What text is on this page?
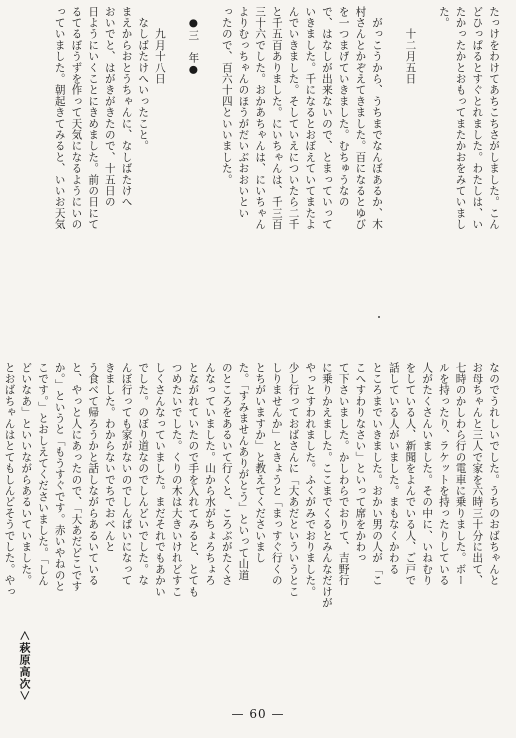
たっけをわけてあちこちさがしました。こん
どひっぱるとすぐとれました。わたしは、い
たかったかとおもってまたかおをみていまし
た。

　　十二月五日

　がっこうから、うちまでなんぼあるか、木
村さんとかぞえてきました。百になるとゆび
を一つまげていきました。むちゅうなの
で、はなしが出来ないので、とまっていって
いきました。千になるとおぼえていてまたよ
んでいきました。そしていえについたら二千
と千五百ありました。にいちゃんは、千三百
三十六でした。おかあちゃんは、にいちゃん
よりむっちゃんのほうがだいぶおおいとい
ったので、百六十四といいました。

　●三　年●

　　九月十八日
　なしばたけへいったこと。
まえからおとうちゃんに、なしばたけへ
おいでと、はがきがきたので、十五日の
日ようにいくことにきめました。前の日にて
るてるぼうずを作って天気になるようにいの
っていました。朝起きてみると、いいお天気
なのでうれしいでした。うちのおばちゃんと
お母ちゃんと三人で家を六時三十分に出て、
七時のかしわら行の電車に乗りました。ボー
ルを持ったり、ラケットを持ったりしている
人がたくさんいました。その中に、いねむり
をしている人、新聞をよんでいる人、ご戸で
話している人がいました。まもなくかわる
ところまでいきました。おかい男の人が「こ
こへすわりなさい」といって席をかわっ
て下さいました。かしわらでおりて、吉野行
に乗りかえました。ここまでくるとみんなだけが
やっとすわれました。ふくがみでおりました。
少し行っておばさんに「大あだといういうとこ
しりませんか」ときょうと「まっすぐ行くの
とちがいますか」と教えてくださいまし
た。「すみませんありがとう」といって山道
のところをあるいて行くと、ころぶがたくさ
んなっていました。山から水がちょろちょろ
とながれていたので手を入れてみると、とても
つめたいでした。くりの木は大きいけれどすこ
しくさんなっていました。まだそれでもあかい
でした。のぼり道なのでしんどいでした。な
んぼ行っても家がないのでしんぱいになって
きました。わからないでちでおべんと
う食べて帰ろうかと話しながらあるいている
と、やっと人にあったので、「大あだどこです
か。」というと「もうすぐです。赤いやねのと
こです。」とおしえてくださいました。「しん
どいなあ」といいながらあるいていました。
とおばちゃんはとてもしんどそうでした。やっ

＜萩原高次＞
— 60 —
